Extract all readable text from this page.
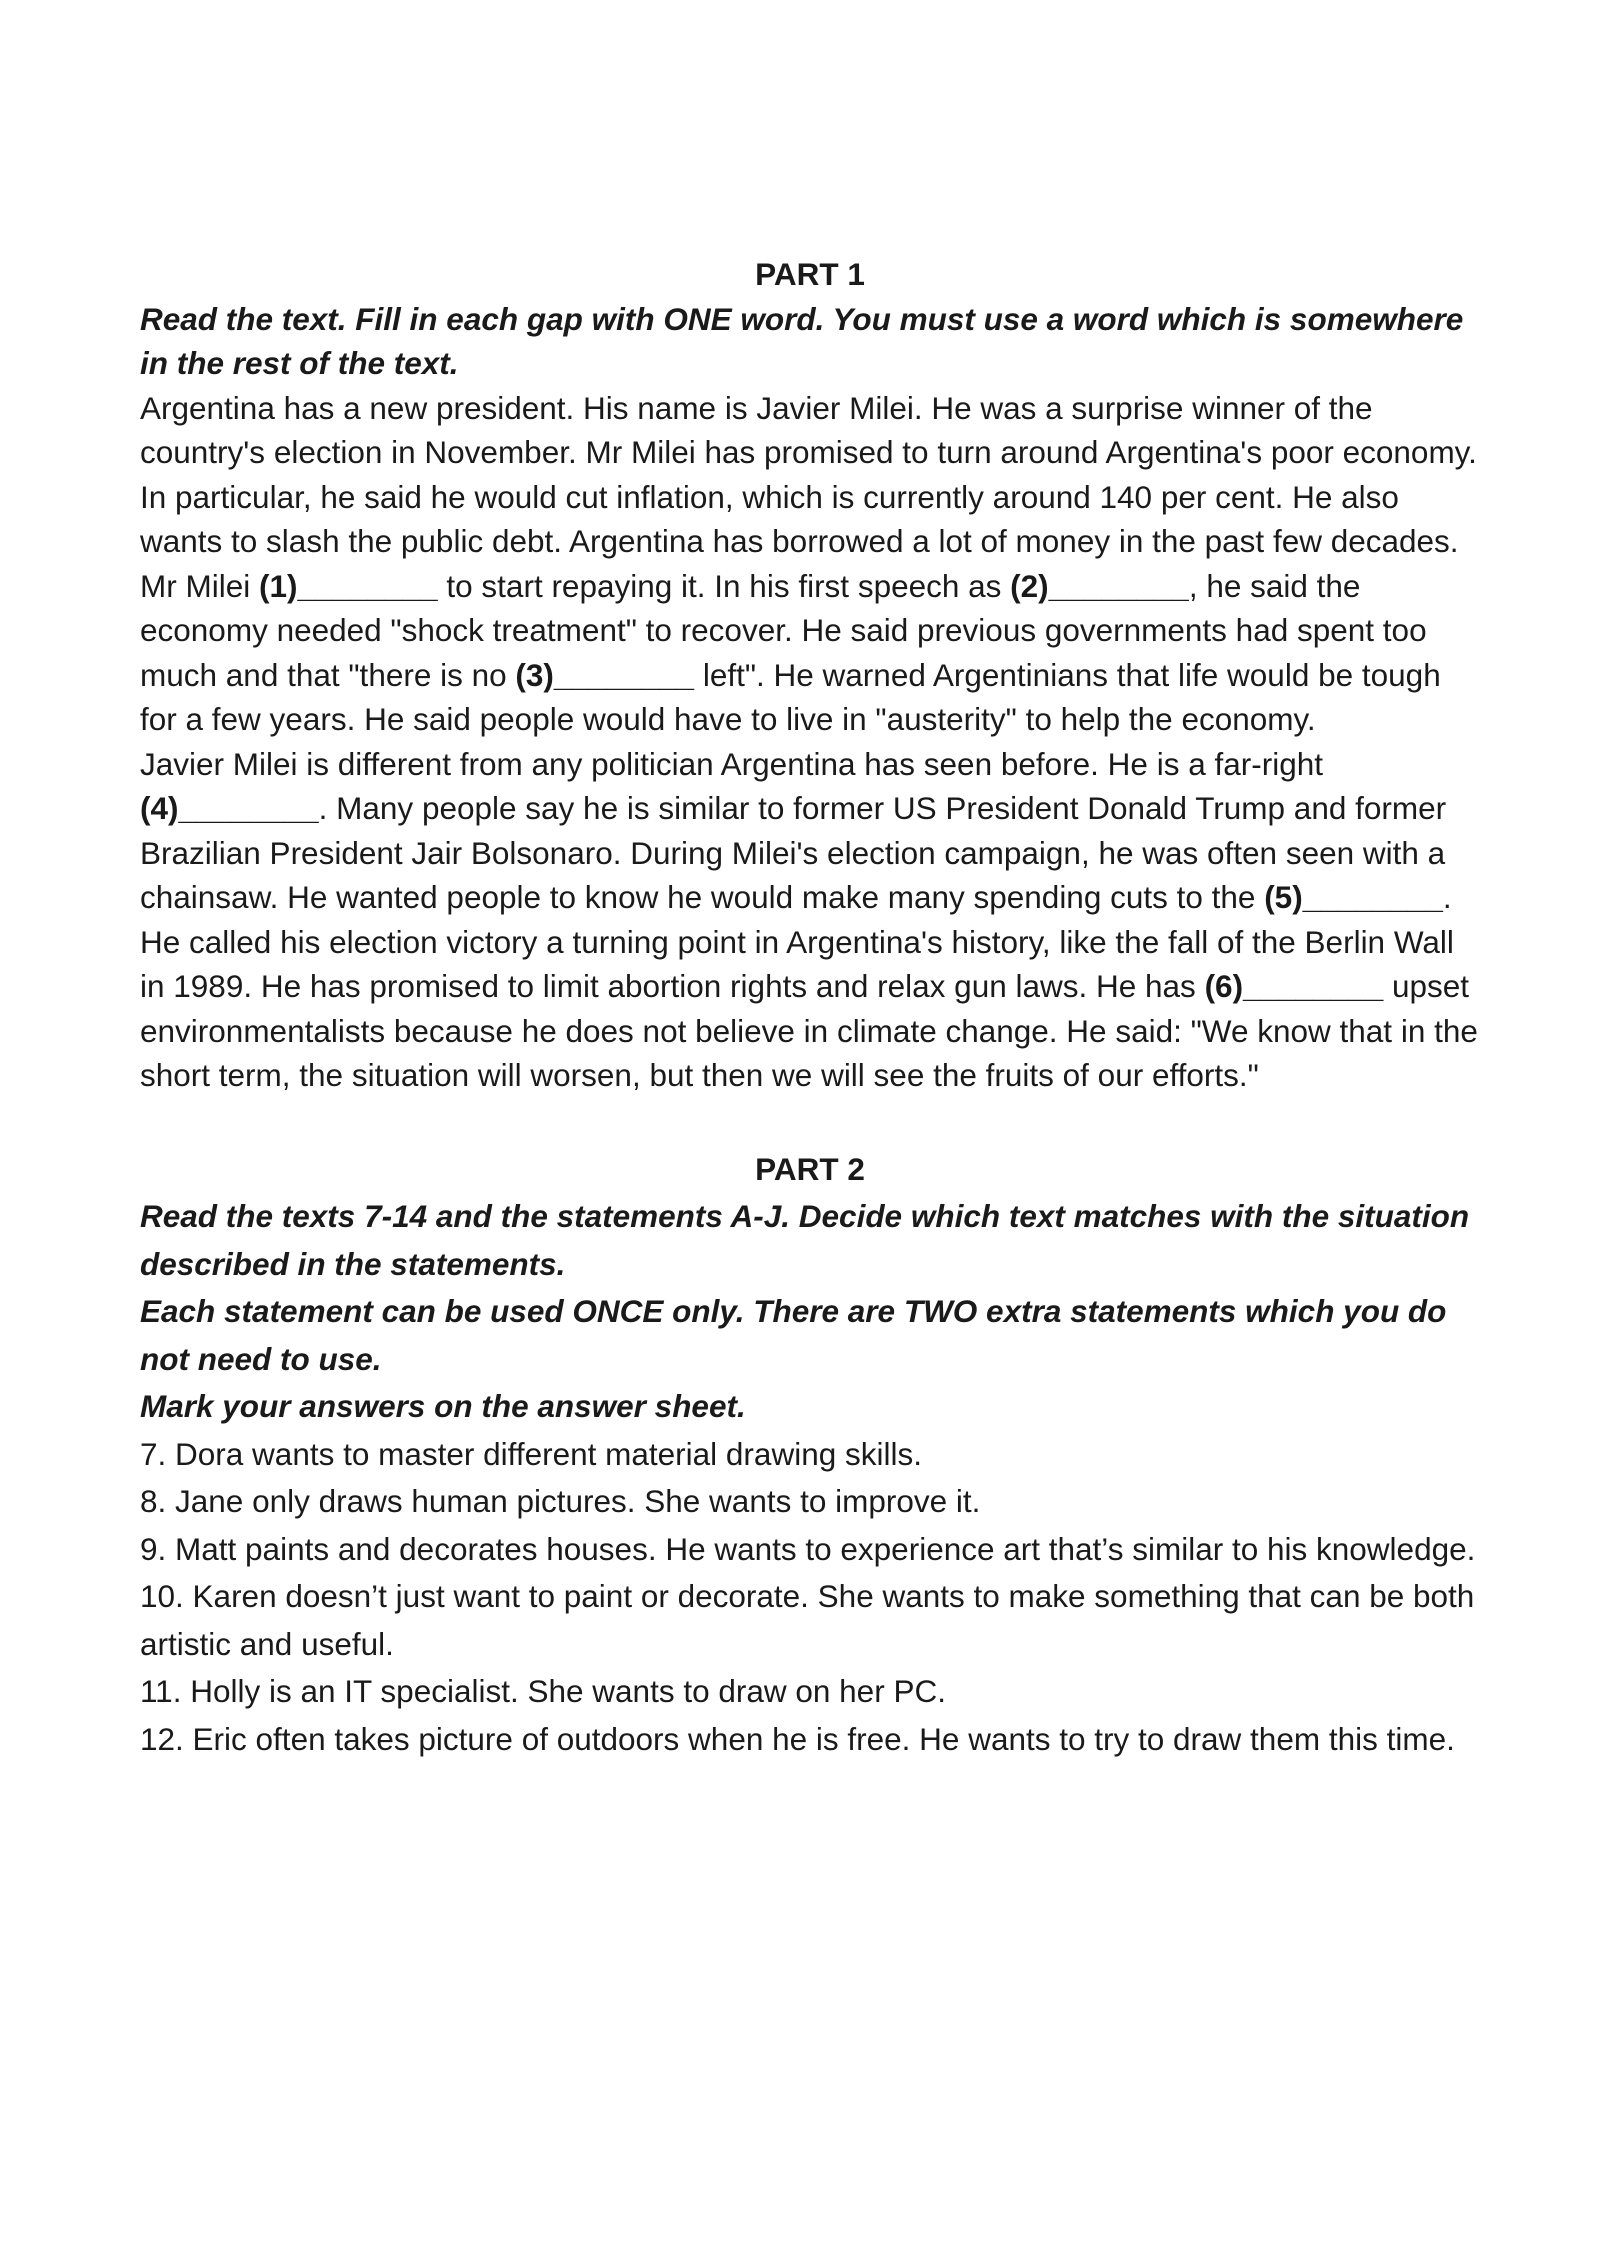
PART 1

Read the text. Fill in each gap with ONE word. You must use a word which is somewhere in the rest of the text.

Argentina has a new president. His name is Javier Milei. He was a surprise winner of the country's election in November. Mr Milei has promised to turn around Argentina's poor economy. In particular, he said he would cut inflation, which is currently around 140 per cent. He also wants to slash the public debt. Argentina has borrowed a lot of money in the past few decades. Mr Milei (1)________ to start repaying it. In his first speech as (2)________, he said the economy needed "shock treatment" to recover. He said previous governments had spent too much and that "there is no (3)________ left". He warned Argentinians that life would be tough for a few years. He said people would have to live in "austerity" to help the economy.

Javier Milei is different from any politician Argentina has seen before. He is a far-right (4)________. Many people say he is similar to former US President Donald Trump and former Brazilian President Jair Bolsonaro. During Milei's election campaign, he was often seen with a chainsaw. He wanted people to know he would make many spending cuts to the (5)________. He called his election victory a turning point in Argentina's history, like the fall of the Berlin Wall in 1989. He has promised to limit abortion rights and relax gun laws. He has (6)________ upset environmentalists because he does not believe in climate change. He said: "We know that in the short term, the situation will worsen, but then we will see the fruits of our efforts."

PART 2

Read the texts 7-14 and the statements A-J. Decide which text matches with the situation described in the statements.

Each statement can be used ONCE only. There are TWO extra statements which you do not need to use.

Mark your answers on the answer sheet.

7. Dora wants to master different material drawing skills.

8. Jane only draws human pictures. She wants to improve it.

9. Matt paints and decorates houses. He wants to experience art that’s similar to his knowledge.

10. Karen doesn’t just want to paint or decorate. She wants to make something that can be both artistic and useful.

11. Holly is an IT specialist. She wants to draw on her PC.

12. Eric often takes picture of outdoors when he is free. He wants to try to draw them this time.
